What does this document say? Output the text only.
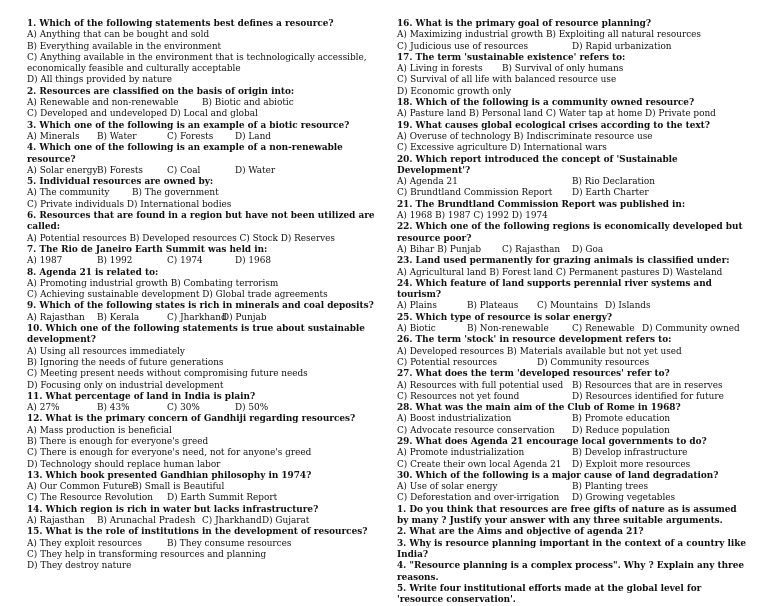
1. Which of the following statements best defines a resource?
A) Anything that can be bought and sold
B) Everything available in the environment
C) Anything available in the environment that is technologically accessible, economically feasible and culturally acceptable
D) All things provided by nature
2. Resources are classified on the basis of origin into:
A) Renewable and non-renewable	B) Biotic and abiotic
C) Developed and undeveloped D) Local and global
3. Which one of the following is an example of a biotic resource?
A) Minerals B) Water	C) Forests D) Land
4. Which one of the following is an example of a non-renewable resource?
A) Solar energy B) Forests	C) Coal	D) Water
5. Individual resources are owned by:
A) The community	B) The government
C) Private individuals D) International bodies
6. Resources that are found in a region but have not been utilized are called:
A) Potential resources B) Developed resources C) Stock D) Reserves
7. The Rio de Janeiro Earth Summit was held in:
A) 1987	B) 1992	C) 1974	D) 1968
8. Agenda 21 is related to:
A) Promoting industrial growth B) Combating terrorism
C) Achieving sustainable development D) Global trade agreements
9. Which of the following states is rich in minerals and coal deposits?
A) Rajasthan B) Kerala	C) Jharkhand
D) Punjab
10. Which one of the following statements is true about sustainable development?
A) Using all resources immediately
B) Ignoring the needs of future generations
C) Meeting present needs without compromising future needs
D) Focusing only on industrial development
11. What percentage of land in India is plain?
A) 27%	B) 43%	C) 30%	D) 50%
12. What is the primary concern of Gandhiji regarding resources?
A) Mass production is beneficial
B) There is enough for everyone's greed
C) There is enough for everyone's need, not for anyone's greed
D) Technology should replace human labor
13. Which book presented Gandhian philosophy in 1974?
A) Our Common Future
B) Small is Beautiful
C) The Resource Revolution D) Earth Summit Report
14. Which region is rich in water but lacks infrastructure?
A) Rajasthan B) Arunachal Pradesh C) Jharkhand D) Gujarat
15. What is the role of institutions in the development of resources?
A) They exploit resources	B) They consume resources
C) They help in transforming resources and planning
D) They destroy nature
16. What is the primary goal of resource planning?
A) Maximizing industrial growth B) Exploiting all natural resources
C) Judicious use of resources	D) Rapid urbanization
17. The term 'sustainable existence' refers to:
A) Living in forests B) Survival of only humans
C) Survival of all life with balanced resource use
D) Economic growth only
18. Which of the following is a community owned resource?
A) Pasture land B) Personal land C) Water tap at home D) Private pond
19. What causes global ecological crises according to the text?
A) Overuse of technology B) Indiscriminate resource use
C) Excessive agriculture D) International wars
20. Which report introduced the concept of 'Sustainable Development'?
A) Agenda 21	B) Rio Declaration
C) Brundtland Commission Report D) Earth Charter
21. The Brundtland Commission Report was published in:
A) 1968 B) 1987 C) 1992 D) 1974
22. Which one of the following regions is economically developed but resource poor?
A) Bihar B) Punjab C) Rajasthan D) Goa
23. Land used permanently for grazing animals is classified under:
A) Agricultural land B) Forest land C) Permanent pastures D) Wasteland
24. Which feature of land supports perennial river systems and tourism?
A) Plains	B) Plateaus C) Mountains D) Islands
25. Which type of resource is solar energy?
A) Biotic	B) Non-renewable	C) Renewable D) Community owned
26. The term 'stock' in resource development refers to:
A) Developed resources B) Materials available but not yet used
C) Potential resources	D) Community resources
27. What does the term 'developed resources' refer to?
A) Resources with full potential used B) Resources that are in reserves
C) Resources not yet found	D) Resources identified for future
28. What was the main aim of the Club of Rome in 1968?
A) Boost industrialization	B) Promote education
C) Advocate resource conservation D) Reduce population
29. What does Agenda 21 encourage local governments to do?
A) Promote industrialization	B) Develop infrastructure
C) Create their own local Agenda 21 D) Exploit more resources
30. Which of the following is a major cause of land degradation?
A) Use of solar energy	B) Planting trees
C) Deforestation and over-irrigation D) Growing vegetables
1. Do you think that resources are free gifts of nature as is assumed by many ? Justify your answer with any three suitable arguments.
2. What are the Aims and objective of agenda 21?
3. Why is resource planning important in the context of a country like India?
4. "Resource planning is a complex process". Why ? Explain any three reasons.
5. Write four institutional efforts made at the global level for 'resource conservation'.
